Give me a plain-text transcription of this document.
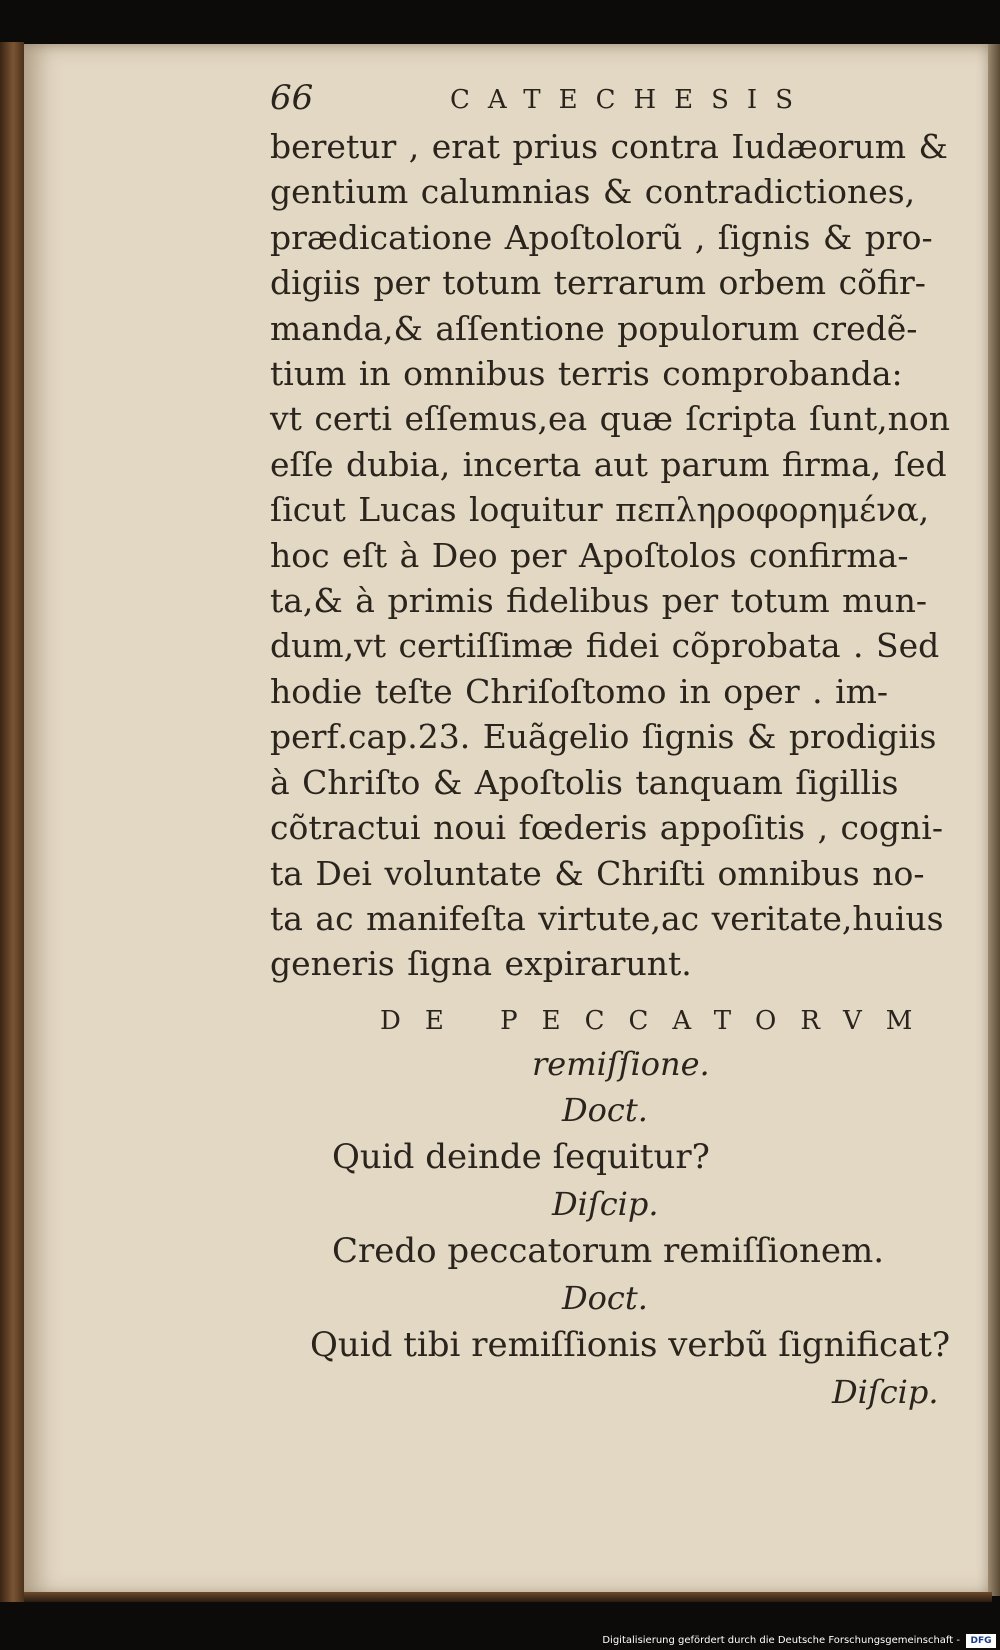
66	CATECHESIS
beretur , erat prius contra Iudæorum &
gentium calumnias & contradictiones,
prædicatione Apoſtolorũ , ſignis & pro-
digiis per totum terrarum orbem cõfir-
manda,& aſſentione populorum credẽ-
tium in omnibus terris comprobanda:
vt certi eſſemus,ea quæ ſcripta ſunt,non
eſſe dubia, incerta aut parum firma, ſed
ſicut Lucas loquitur πεπληροφορημένα,
hoc eſt à Deo per Apoſtolos confirma-
ta,& à primis fidelibus per totum mun-
dum,vt certiſſimæ fidei cõprobata . Sed
hodie teſte Chriſoſtomo in oper . im-
perf.cap.23. Euãgelio ſignis & prodigiis
à Chriſto & Apoſtolis tanquam ſigillis
cõtractui noui fœderis appoſitis , cogni-
ta Dei voluntate & Chriſti omnibus no-
ta ac manifeſta virtute,ac veritate,huius
generis ſigna expirarunt.
DE PECCATORVM
remiſſione.
Doct.
Quid deinde ſequitur?
Diſcip.
Credo peccatorum remiſſionem.
Doct.
Quid tibi remiſſionis verbũ ſignificat?
Diſcip.
Digitalisierung gefördert durch die Deutsche Forschungsgemeinschaft -	DFG
